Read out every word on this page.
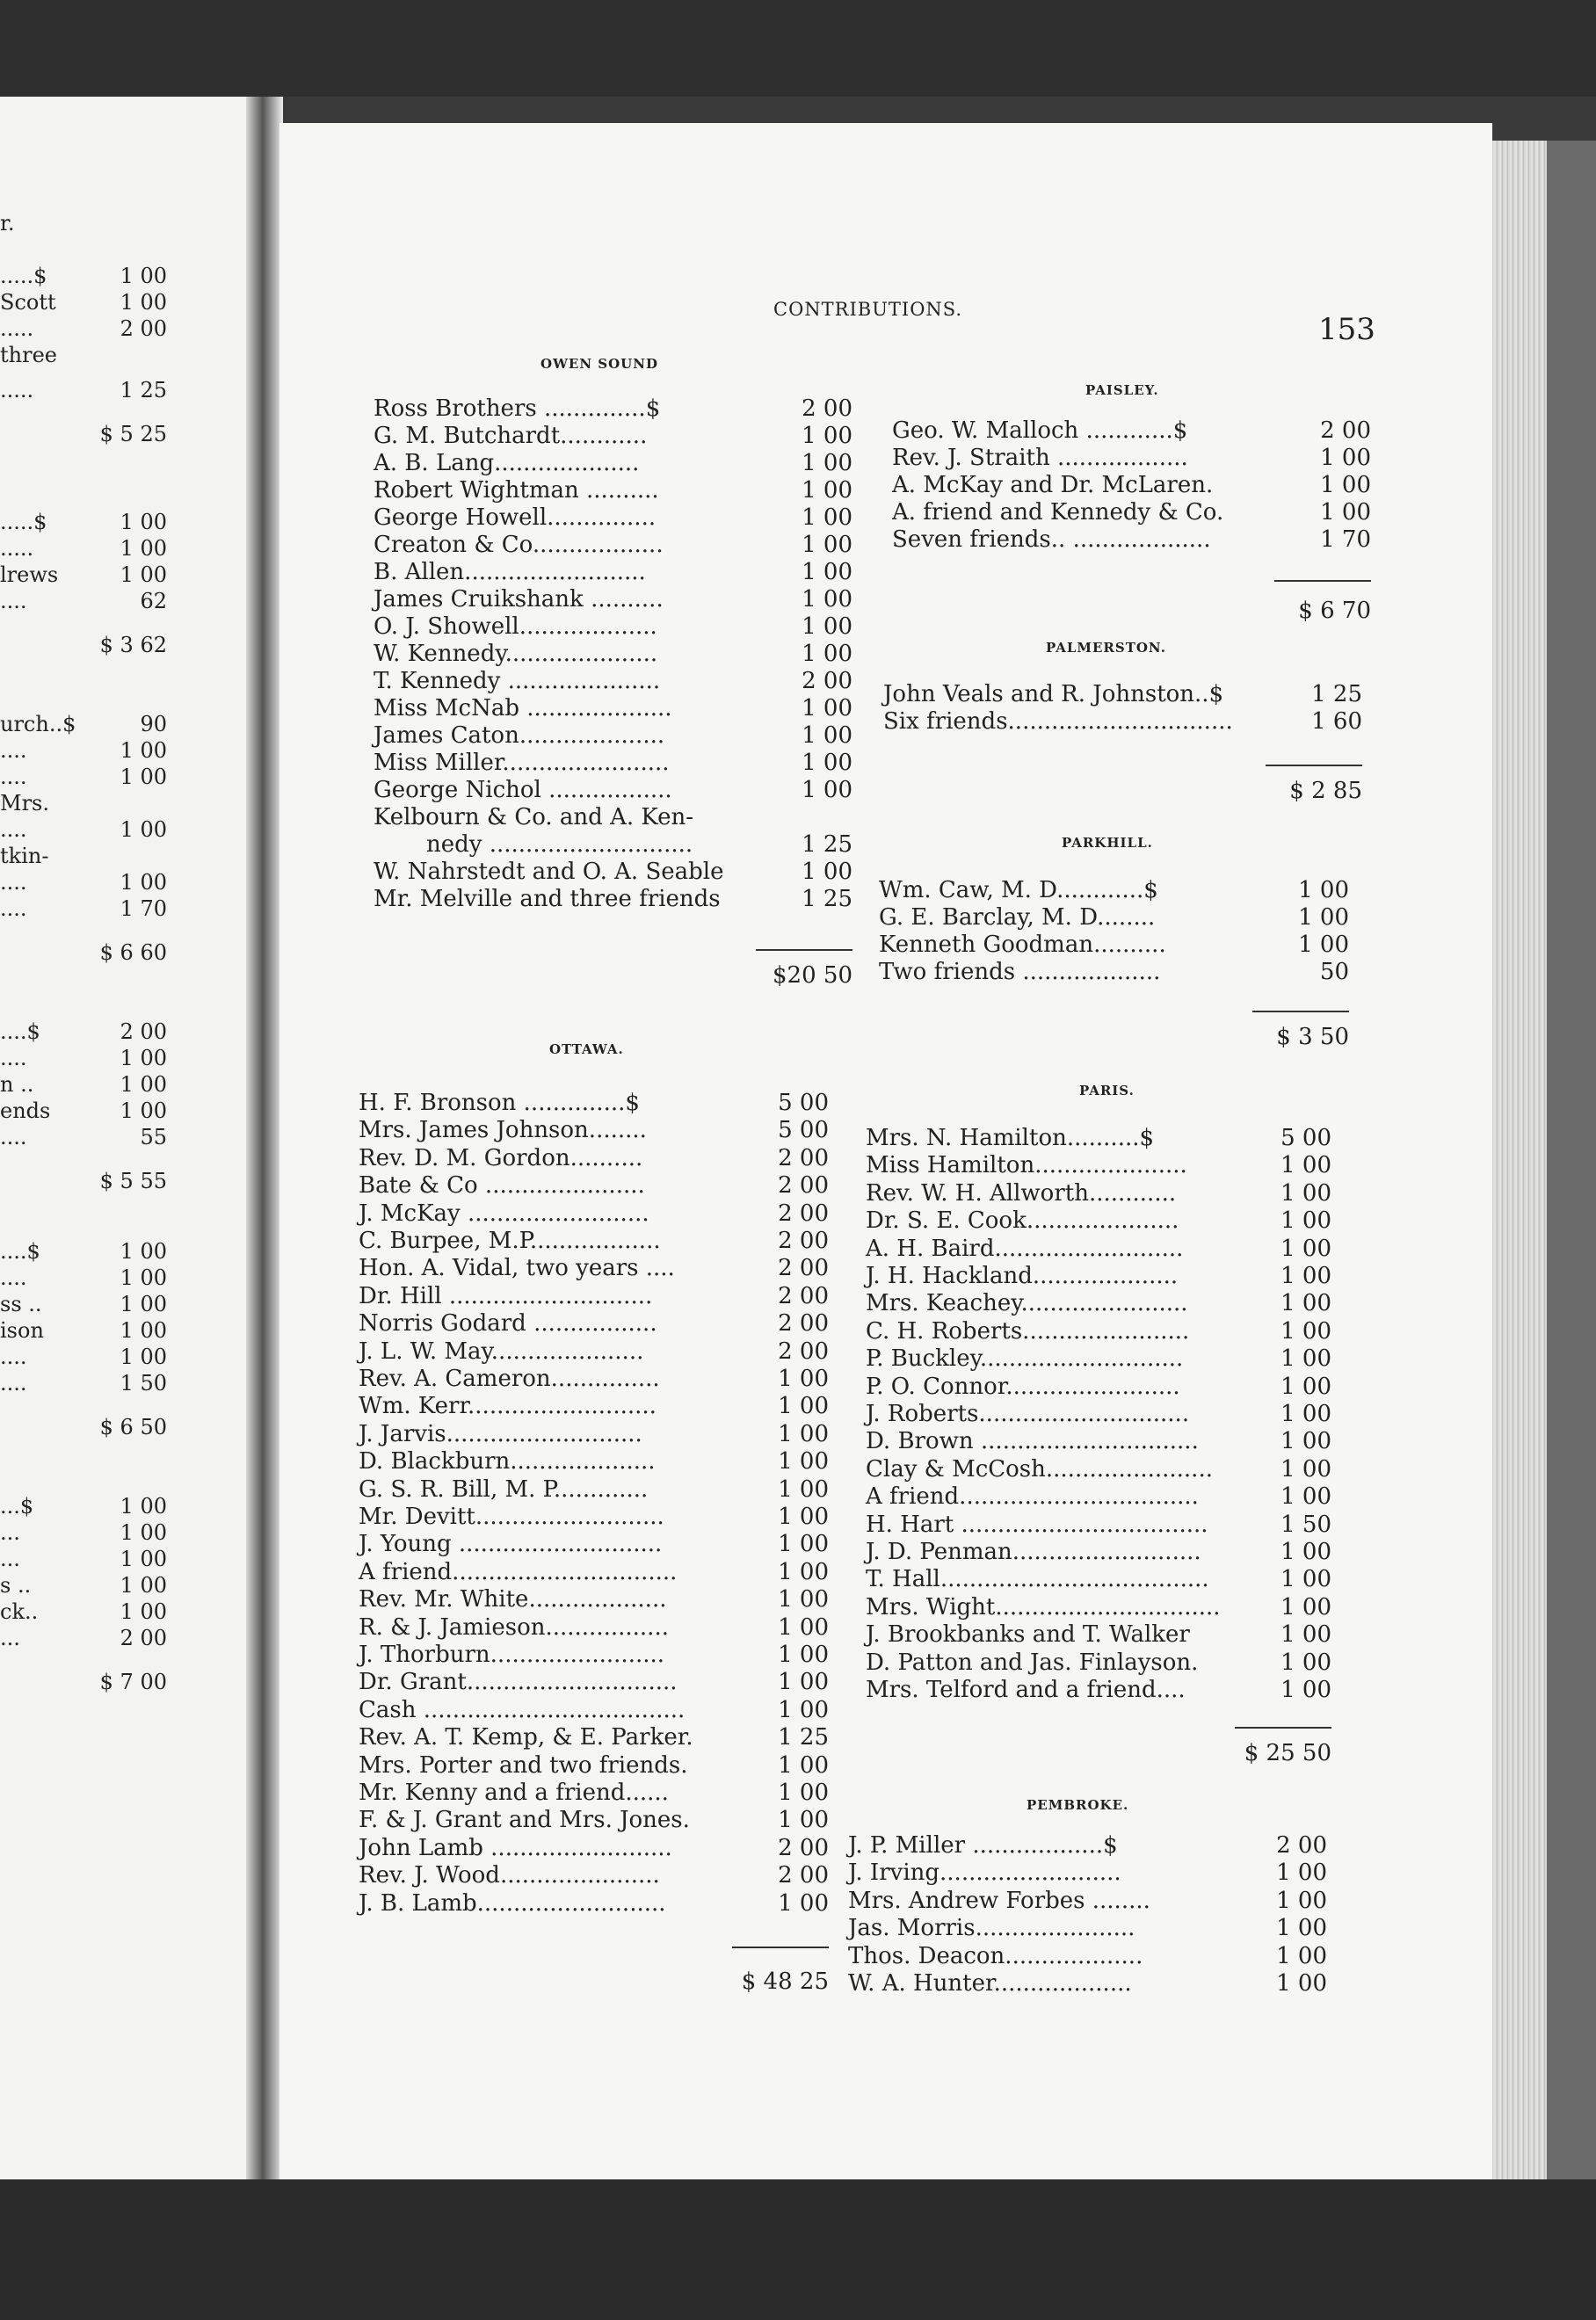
r.
.....$	1 00
Scott	1 00
.....	2 00
three
.....	1 25
$ 5 25
.....$	1 00
.....	1 00
lrews	1 00
....	62
$ 3 62
urch..$	90
....	1 00
....	1 00
Mrs.
....	1 00
tkin-
....	1 00
....	1 70
$ 6 60
....$	2 00
....	1 00
n ..	1 00
ends	1 00
....	55
$ 5 55
....$	1 00
....	1 00
ss ..	1 00
ison	1 00
....	1 00
....	1 50
$ 6 50
...$	1 00
...	1 00
...	1 00
s ..	1 00
ck..	1 00
...	2 00
$ 7 00
CONTRIBUTIONS.
153
OWEN SOUND
Ross Brothers ..............$	2 00
G. M. Butchardt............	1 00
A. B. Lang....................	1 00
Robert Wightman ..........	1 00
George Howell...............	1 00
Creaton & Co..................	1 00
B. Allen.........................	1 00
James Cruikshank ..........	1 00
O. J. Showell...................	1 00
W. Kennedy.....................	1 00
T. Kennedy .....................	2 00
Miss McNab ....................	1 00
James Caton....................	1 00
Miss Miller.......................	1 00
George Nichol .................	1 00
Kelbourn & Co. and A. Ken-
nedy ............................	1 25
W. Nahrstedt and O. A. Seable	1 00
Mr. Melville and three friends	1 25
$20 50
OTTAWA.
H. F. Bronson ..............$	5 00
Mrs. James Johnson........	5 00
Rev. D. M. Gordon..........	2 00
Bate & Co ......................	2 00
J. McKay .........................	2 00
C. Burpee, M.P..................	2 00
Hon. A. Vidal, two years ....	2 00
Dr. Hill ............................	2 00
Norris Godard .................	2 00
J. L. W. May.....................	2 00
Rev. A. Cameron...............	1 00
Wm. Kerr..........................	1 00
J. Jarvis...........................	1 00
D. Blackburn....................	1 00
G. S. R. Bill, M. P.............	1 00
Mr. Devitt..........................	1 00
J. Young ............................	1 00
A friend...............................	1 00
Rev. Mr. White...................	1 00
R. & J. Jamieson.................	1 00
J. Thorburn........................	1 00
Dr. Grant.............................	1 00
Cash ....................................	1 00
Rev. A. T. Kemp, & E. Parker.	1 25
Mrs. Porter and two friends.	1 00
Mr. Kenny and a friend......	1 00
F. & J. Grant and Mrs. Jones.	1 00
John Lamb .........................	2 00
Rev. J. Wood......................	2 00
J. B. Lamb..........................	1 00
$ 48 25
PAISLEY.
Geo. W. Malloch ............$	2 00
Rev. J. Straith ..................	1 00
A. McKay and Dr. McLaren.	1 00
A. friend and Kennedy & Co.	1 00
Seven friends.. ...................	1 70
$ 6 70
PALMERSTON.
John Veals and R. Johnston..$	1 25
Six friends...............................	1 60
$ 2 85
PARKHILL.
Wm. Caw, M. D............$	1 00
G. E. Barclay, M. D........	1 00
Kenneth Goodman..........	1 00
Two friends ...................	50
$ 3 50
PARIS.
Mrs. N. Hamilton..........$	5 00
Miss Hamilton.....................	1 00
Rev. W. H. Allworth............	1 00
Dr. S. E. Cook.....................	1 00
A. H. Baird..........................	1 00
J. H. Hackland....................	1 00
Mrs. Keachey.......................	1 00
C. H. Roberts.......................	1 00
P. Buckley............................	1 00
P. O. Connor........................	1 00
J. Roberts.............................	1 00
D. Brown ..............................	1 00
Clay & McCosh.......................	1 00
A friend.................................	1 00
H. Hart ..................................	1 50
J. D. Penman..........................	1 00
T. Hall.....................................	1 00
Mrs. Wight...............................	1 00
J. Brookbanks and T. Walker	1 00
D. Patton and Jas. Finlayson.	1 00
Mrs. Telford and a friend....	1 00
$ 25 50
PEMBROKE.
J. P. Miller ..................$	2 00
J. Irving.........................	1 00
Mrs. Andrew Forbes ........	1 00
Jas. Morris......................	1 00
Thos. Deacon...................	1 00
W. A. Hunter...................	1 00
